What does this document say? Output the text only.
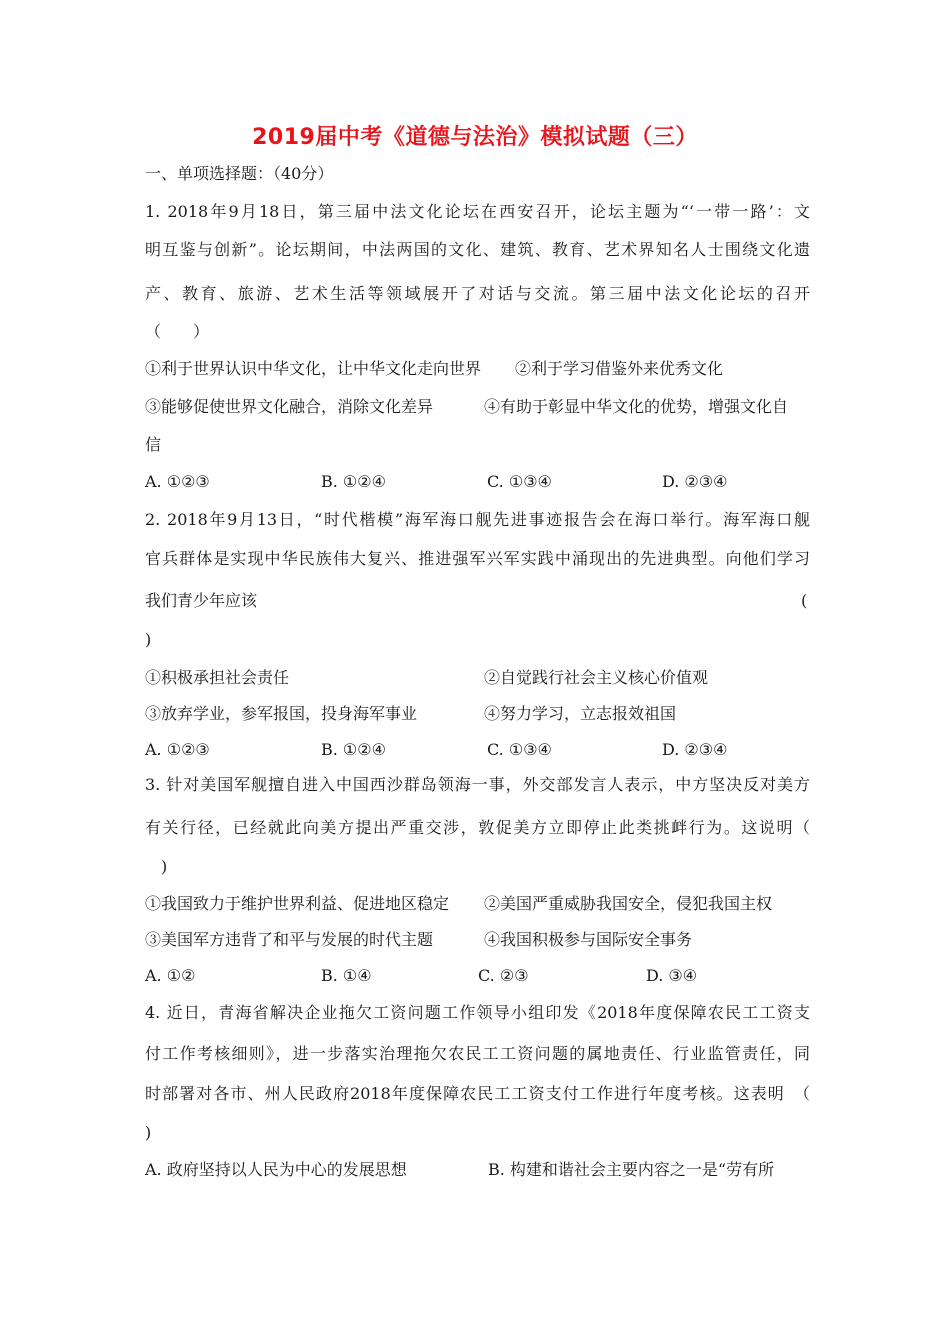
2019届中考《道德与法治》模拟试题（三）
一、单项选择题：（40分）
1. 2018年9月18日，第三届中法文化论坛在西安召开，论坛主题为“‘一带一路’：文
明互鉴与创新”。论坛期间，中法两国的文化、建筑、教育、艺术界知名人士围绕文化遗
产、教育、旅游、艺术生活等领域展开了对话与交流。第三届中法文化论坛的召开
（　　）
①利于世界认识中华文化，让中华文化走向世界 ②利于学习借鉴外来优秀文化
③能够促使世界文化融合，消除文化差异	④有助于彰显中华文化的优势，增强文化自
信
A. ①②③	B. ①②④	C. ①③④	D. ②③④
2. 2018年9月13日，“时代楷模”海军海口舰先进事迹报告会在海口举行。海军海口舰
官兵群体是实现中华民族伟大复兴、推进强军兴军实践中涌现出的先进典型。向他们学习
我们青少年应该	(
)
①积极承担社会责任	②自觉践行社会主义核心价值观
③放弃学业，参军报国，投身海军事业	④努力学习，立志报效祖国
A. ①②③	B. ①②④	C. ①③④	D. ②③④
3. 针对美国军舰擅自进入中国西沙群岛领海一事，外交部发言人表示，中方坚决反对美方
有关行径，已经就此向美方提出严重交涉，敦促美方立即停止此类挑衅行为。这说明（
　)
①我国致力于维护世界利益、促进地区稳定 ②美国严重威胁我国安全，侵犯我国主权
③美国军方违背了和平与发展的时代主题	④我国积极参与国际安全事务
A. ①②	B. ①④	C. ②③	D. ③④
4. 近日，青海省解决企业拖欠工资问题工作领导小组印发《2018年度保障农民工工资支
付工作考核细则》，进一步落实治理拖欠农民工工资问题的属地责任、行业监管责任，同
时部署对各市、州人民政府2018年度保障农民工工资支付工作进行年度考核。这表明　（
)
A. 政府坚持以人民为中心的发展思想	B. 构建和谐社会主要内容之一是“劳有所
